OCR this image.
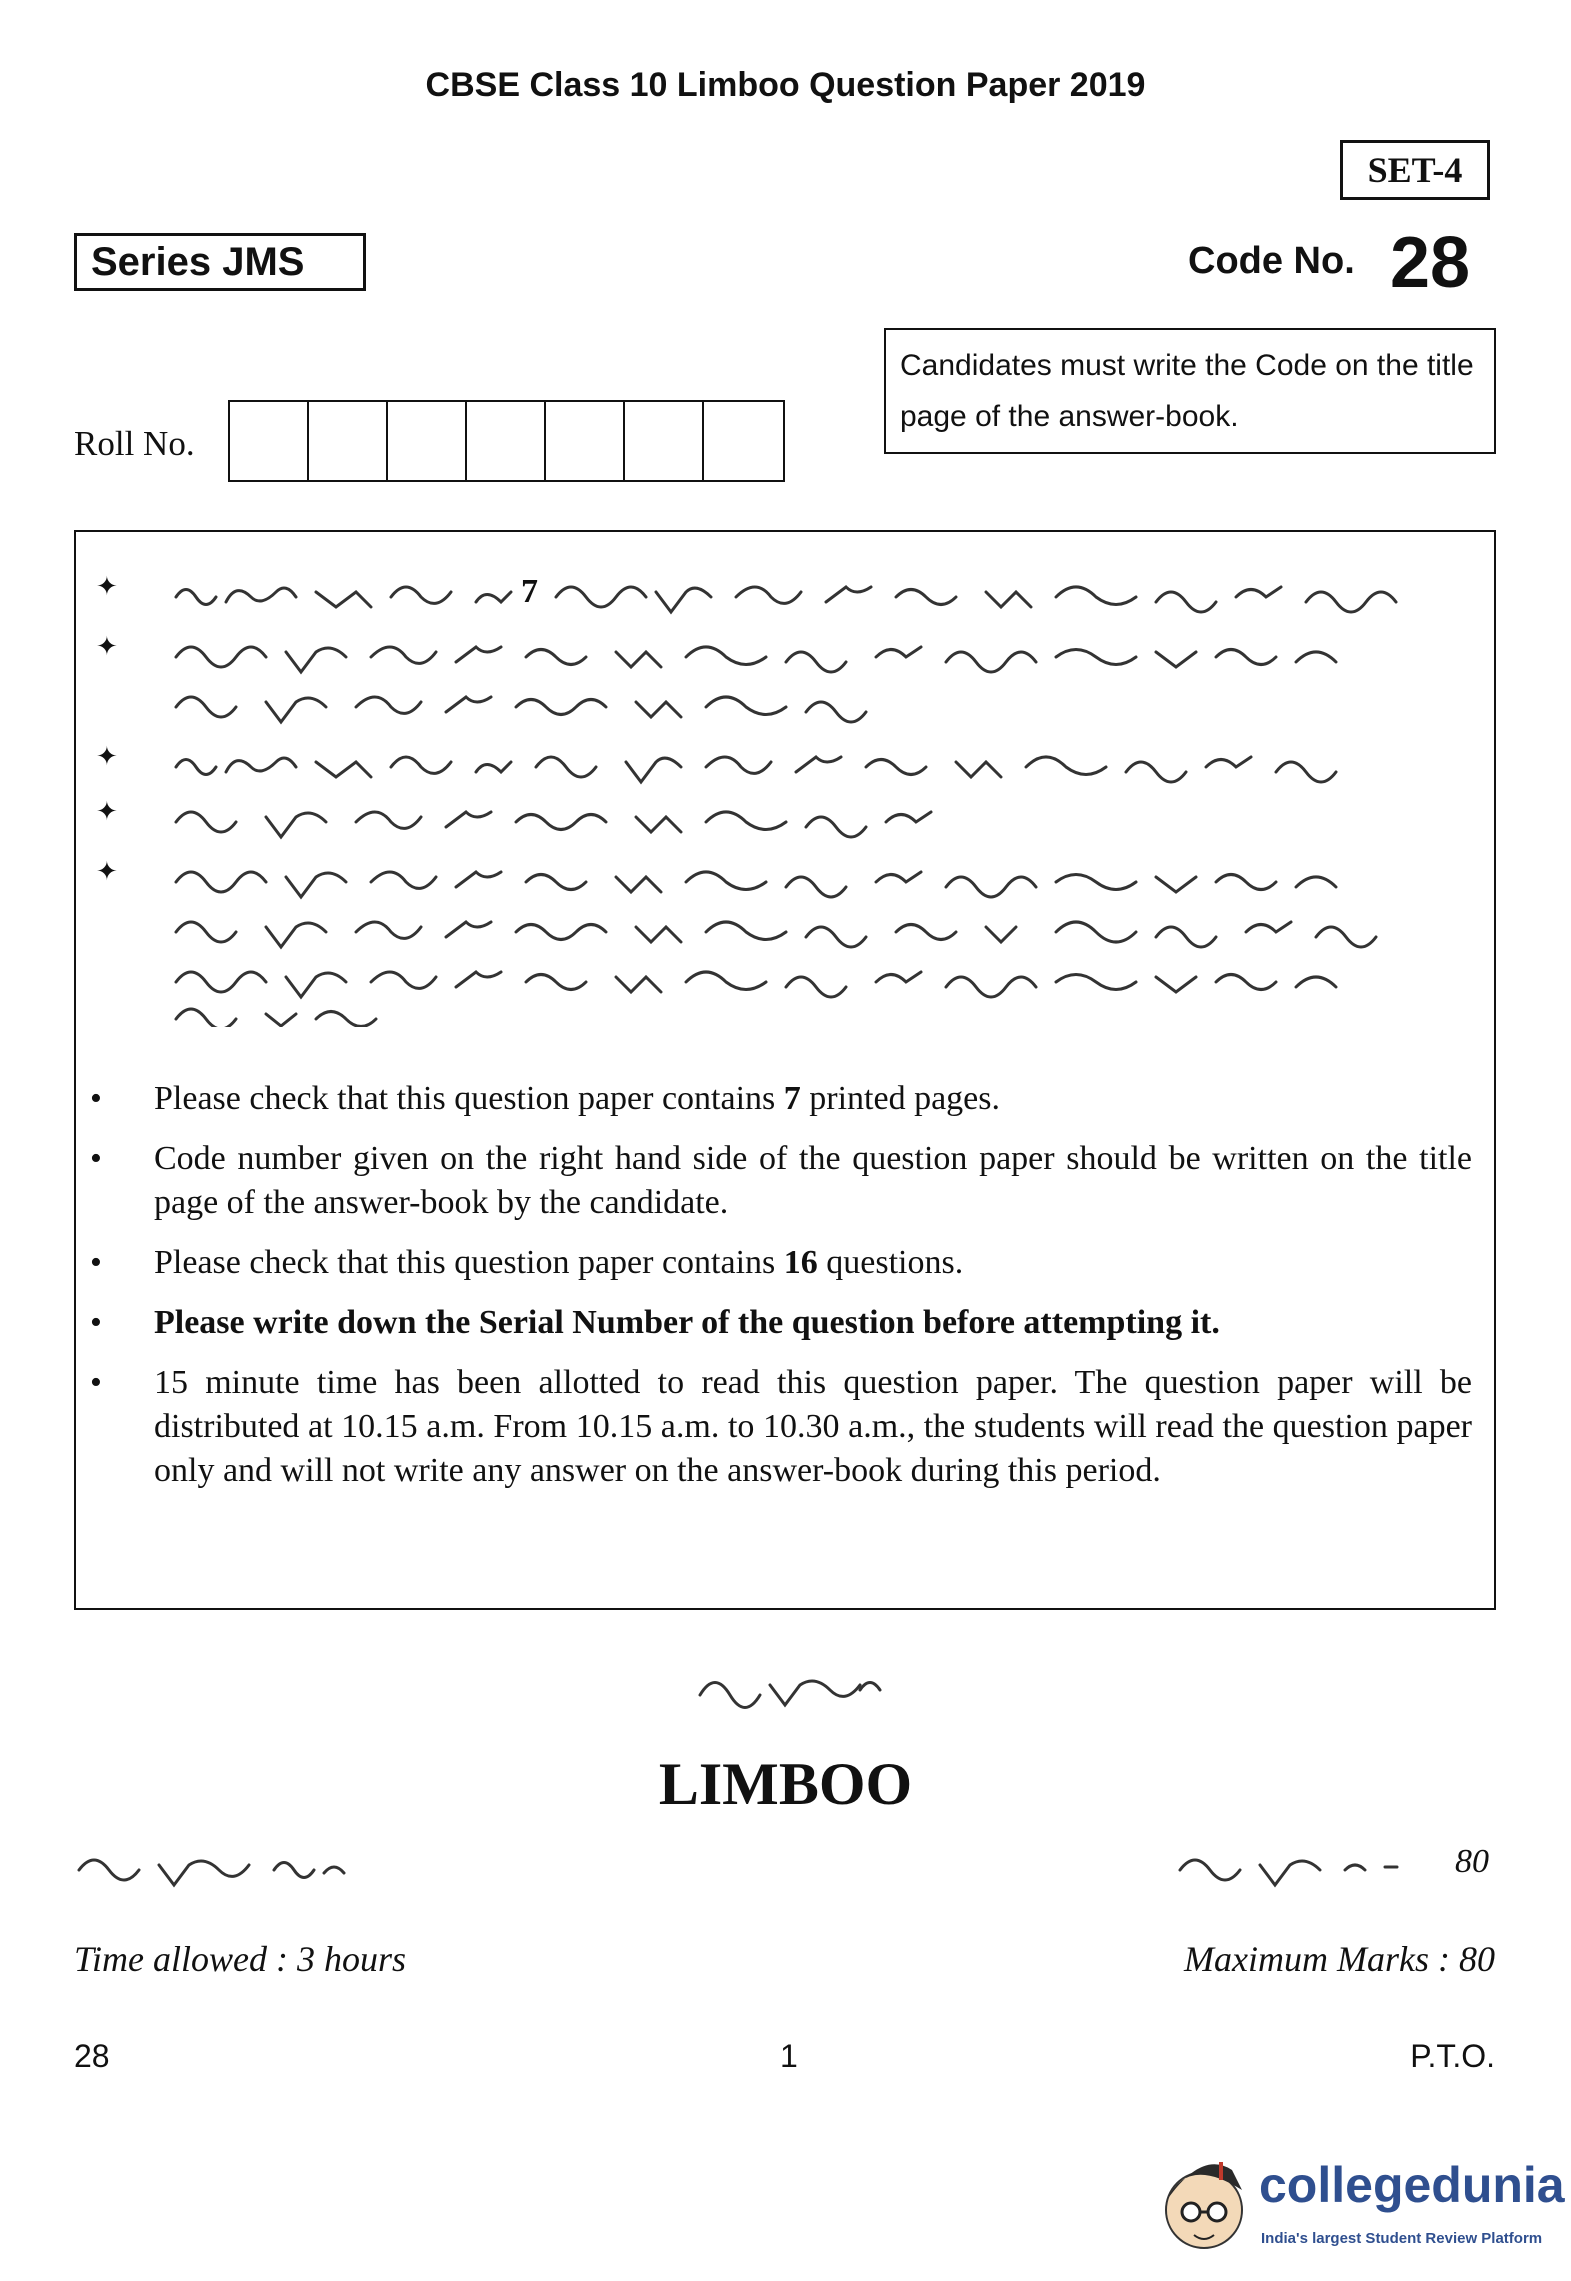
CBSE Class 10 Limboo Question Paper 2019
SET-4
Series JMS	Code No. 28
Candidates must write the Code on the title page of the answer-book.
Roll No.
✦	7
✦
✦
✦
✦
• Please check that this question paper contains 7 printed pages.
• Code number given on the right hand side of the question paper should be written on the title page of the answer-book by the candidate.
• Please check that this question paper contains 16 questions.
• Please write down the Serial Number of the question before attempting it.
• 15 minute time has been allotted to read this question paper. The question paper will be distributed at 10.15 a.m. From 10.15 a.m. to 10.30 a.m., the students will read the question paper only and will not write any answer on the answer-book during this period.
LIMBOO
80
Time allowed : 3 hours	Maximum Marks : 80
28	1	P.T.O.
collegedunia
India's largest Student Review Platform
